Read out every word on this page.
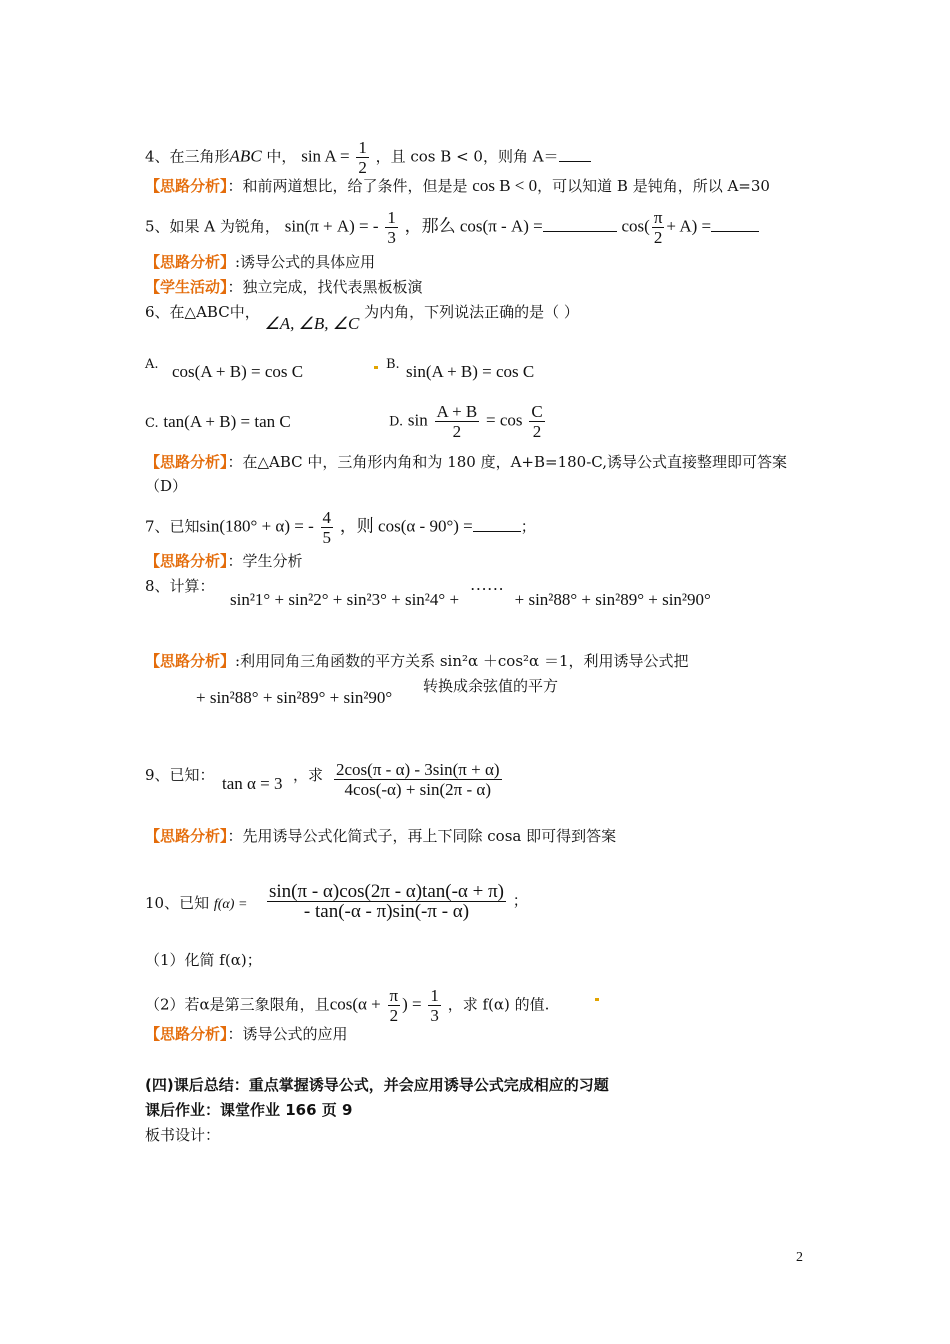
4、在三角形ABC 中， $\sin A = \frac{1}{2}$ ，且 cos B < 0，则角 A＝
【思路分析】：和前两道想比，给了条件，但是是 cos B < 0，可以知道 B 是钝角，所以 A=30
5、如果 A 为锐角， sin(π + A) = - $\frac{1}{3}$ ，那么 cos(π - A) =	$\cos( \frac{\pi}{2} + A)$ =
【思路分析】:诱导公式的具体应用
【学生活动】：独立完成，找代表黑板板演
6、在△ABC中， ∠A, ∠B, ∠C 为内角，下列说法正确的是（ ）
A. cos(A + B) = cos C	B. sin(A + B) = cos C
C. tan(A + B) = tan C	D. $\sin \frac{A + B}{2} = \cos \frac{C}{2}$
【思路分析】：在△ABC 中，三角形内角和为 180 度，A+B=180-C,诱导公式直接整理即可答案
（D）
7、已知sin(180° + α) = - $\frac{4}{5}$ ，则 cos(α - 90°) =	；
【思路分析】：学生分析
8、计算：
sin²1° + sin²2° + sin²3° + sin²4° + …… + sin²88° + sin²89° + sin²90°
【思路分析】:利用同角三角函数的平方关系 sin²α ＋cos²α ＝1，利用诱导公式把
+ sin²88° + sin²89° + sin²90°
转换成余弦值的平方
9、已知： tan α = 3 ，求 $\frac{2\cos(\pi - \alpha) - 3\sin(\pi + \alpha)}{4\cos(-\alpha) + \sin(2\pi - \alpha)}$
【思路分析】：先用诱导公式化简式子，再上下同除 cosa 即可得到答案
10、已知 $f(\alpha) = \frac{\sin(\pi - \alpha)\cos(2\pi - \alpha)\tan(-\alpha + \pi)}{- \tan(-\alpha - \pi)\sin(-\pi - \alpha)}$ ；
（1）化简 f(α)；
（2）若α是第三象限角，且$\cos(\alpha + \frac{\pi}{2}$ ) = $\frac{1}{3}$ ，求 f(α) 的值.
【思路分析】：诱导公式的应用
(四)课后总结：重点掌握诱导公式，并会应用诱导公式完成相应的习题
课后作业：课堂作业 166 页 9
板书设计：
2
